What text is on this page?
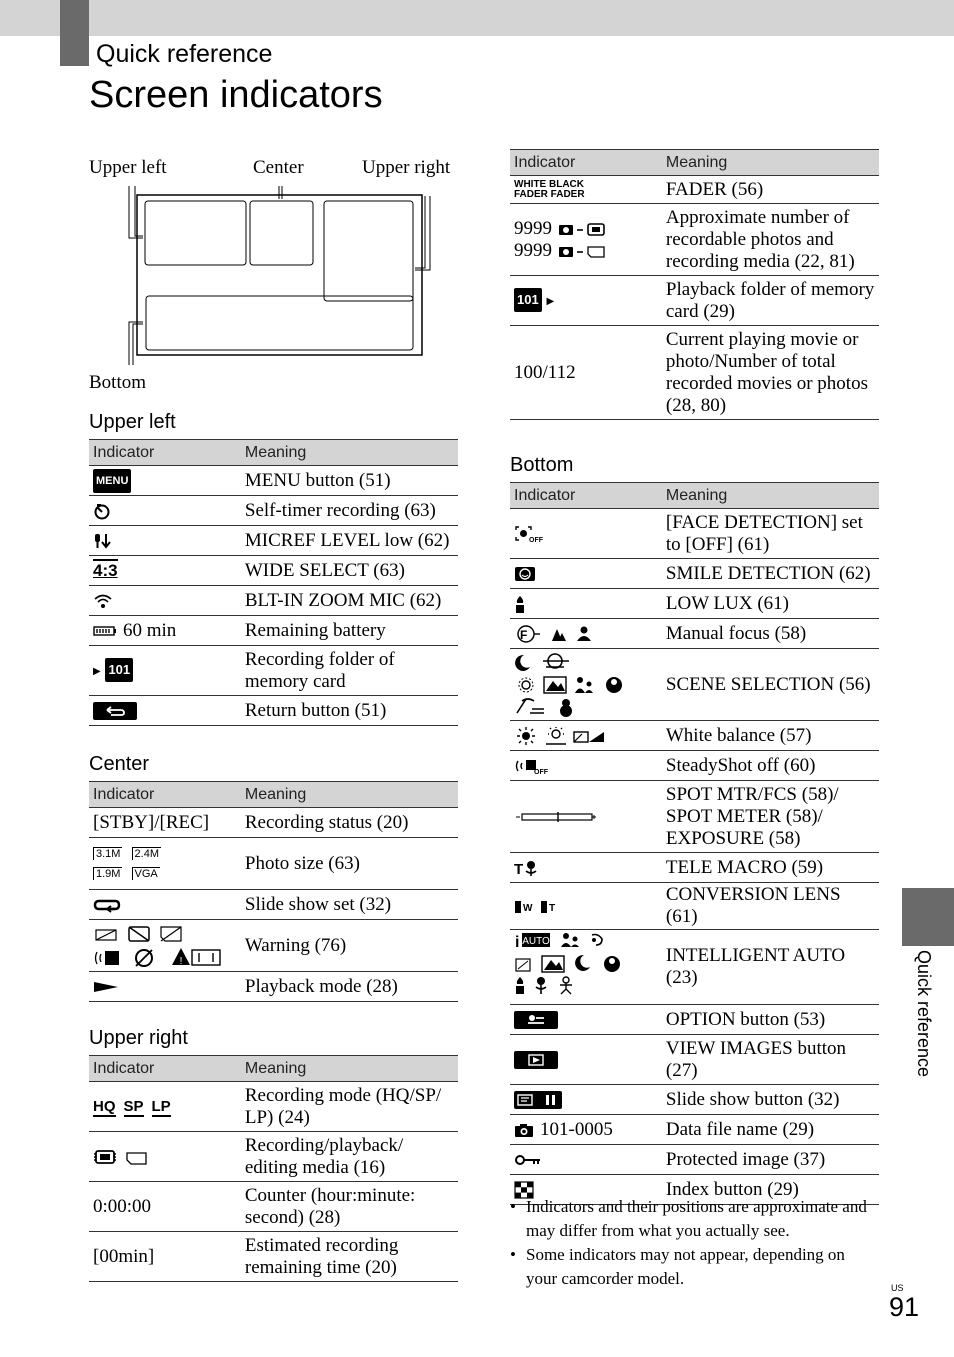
Quick reference
Screen indicators
Upper left	Center	Upper right
Bottom
Upper left
Indicator	Meaning
MENU	MENU button (51)

	Self-timer recording (63)

	MICREF LEVEL low (62)
4:3	WIDE SELECT (63)

	BLT-IN ZOOM MIC (62)

60 min	Remaining battery
▶ 101	Recording folder of memory card

	Return button (51)
Center
Indicator	Meaning
[STBY]/[REC]	Recording status (20)

3.1M 2.4M
1.9M VGA	Photo size (63)

	Slide show set (32)

!	Warning (76)

	Playback mode (28)
Upper right
Indicator	Meaning
HQ SP LP	Recording mode (HQ/SP/ LP) (24)

	Recording/playback/ editing media (16)
0:00:00	Counter (hour:minute: second) (28)
[00min]	Estimated recording remaining time (20)
Indicator	Meaning

WHITE BLACK
FADER FADER	FADER (56)

9999
9999	Approximate number of recordable photos and recording media (22, 81)
101 ▶	Playback folder of memory card (29)
100/112	Current playing movie or photo/Number of total recorded movies or photos (28, 80)
Bottom
Indicator	Meaning

OFF	[FACE DETECTION] set to [OFF] (61)

	SMILE DETECTION (62)

	LOW LUX (61)

F	Manual focus (58)

	SCENE SELECTION (56)

	White balance (57)

OFF	SteadyShot off (60)

	SPOT MTR/FCS (58)/ SPOT METER (58)/ EXPOSURE (58)

T	TELE MACRO (59)

W T	CONVERSION LENS (61)

i AUTO	INTELLIGENT AUTO (23)

	OPTION button (53)

	VIEW IMAGES button (27)

	Slide show button (32)

101-0005	Data file name (29)

	Protected image (37)

	Index button (29)
• Indicators and their positions are approximate and may differ from what you actually see.
• Some indicators may not appear, depending on your camcorder model.
Quick reference
US
91
